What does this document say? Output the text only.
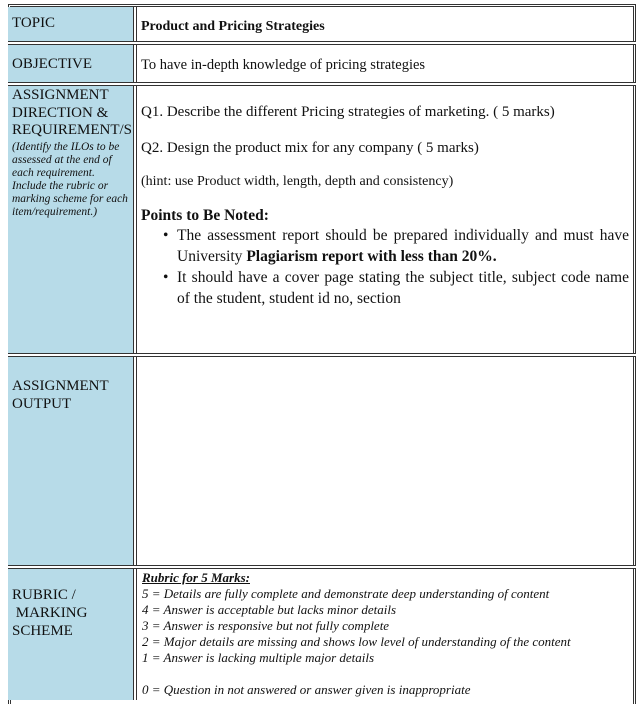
TOPIC	Product and Pricing Strategies
OBJECTIVE	To have in-depth knowledge of pricing strategies
ASSIGNMENT
DIRECTION &
REQUIREMENT/S
(Identify the ILOs to be assessed at the end of each requirement. Include the rubric or marking scheme for each item/requirement.)
Q1. Describe the different Pricing strategies of marketing. ( 5 marks)
Q2. Design the product mix for any company ( 5 marks)
(hint: use Product width, length, depth and consistency)
Points to Be Noted:
• The assessment report should be prepared individually and must have University Plagiarism report with less than 20%.
• It should have a cover page stating the subject title, subject code name of the student, student id no, section
ASSIGNMENT
OUTPUT
RUBRIC /
MARKING
SCHEME
Rubric for 5 Marks:
5 = Details are fully complete and demonstrate deep understanding of content
4 = Answer is acceptable but lacks minor details
3 = Answer is responsive but not fully complete
2 = Major details are missing and shows low level of understanding of the content
1 = Answer is lacking multiple major details
0 = Question in not answered or answer given is inappropriate
